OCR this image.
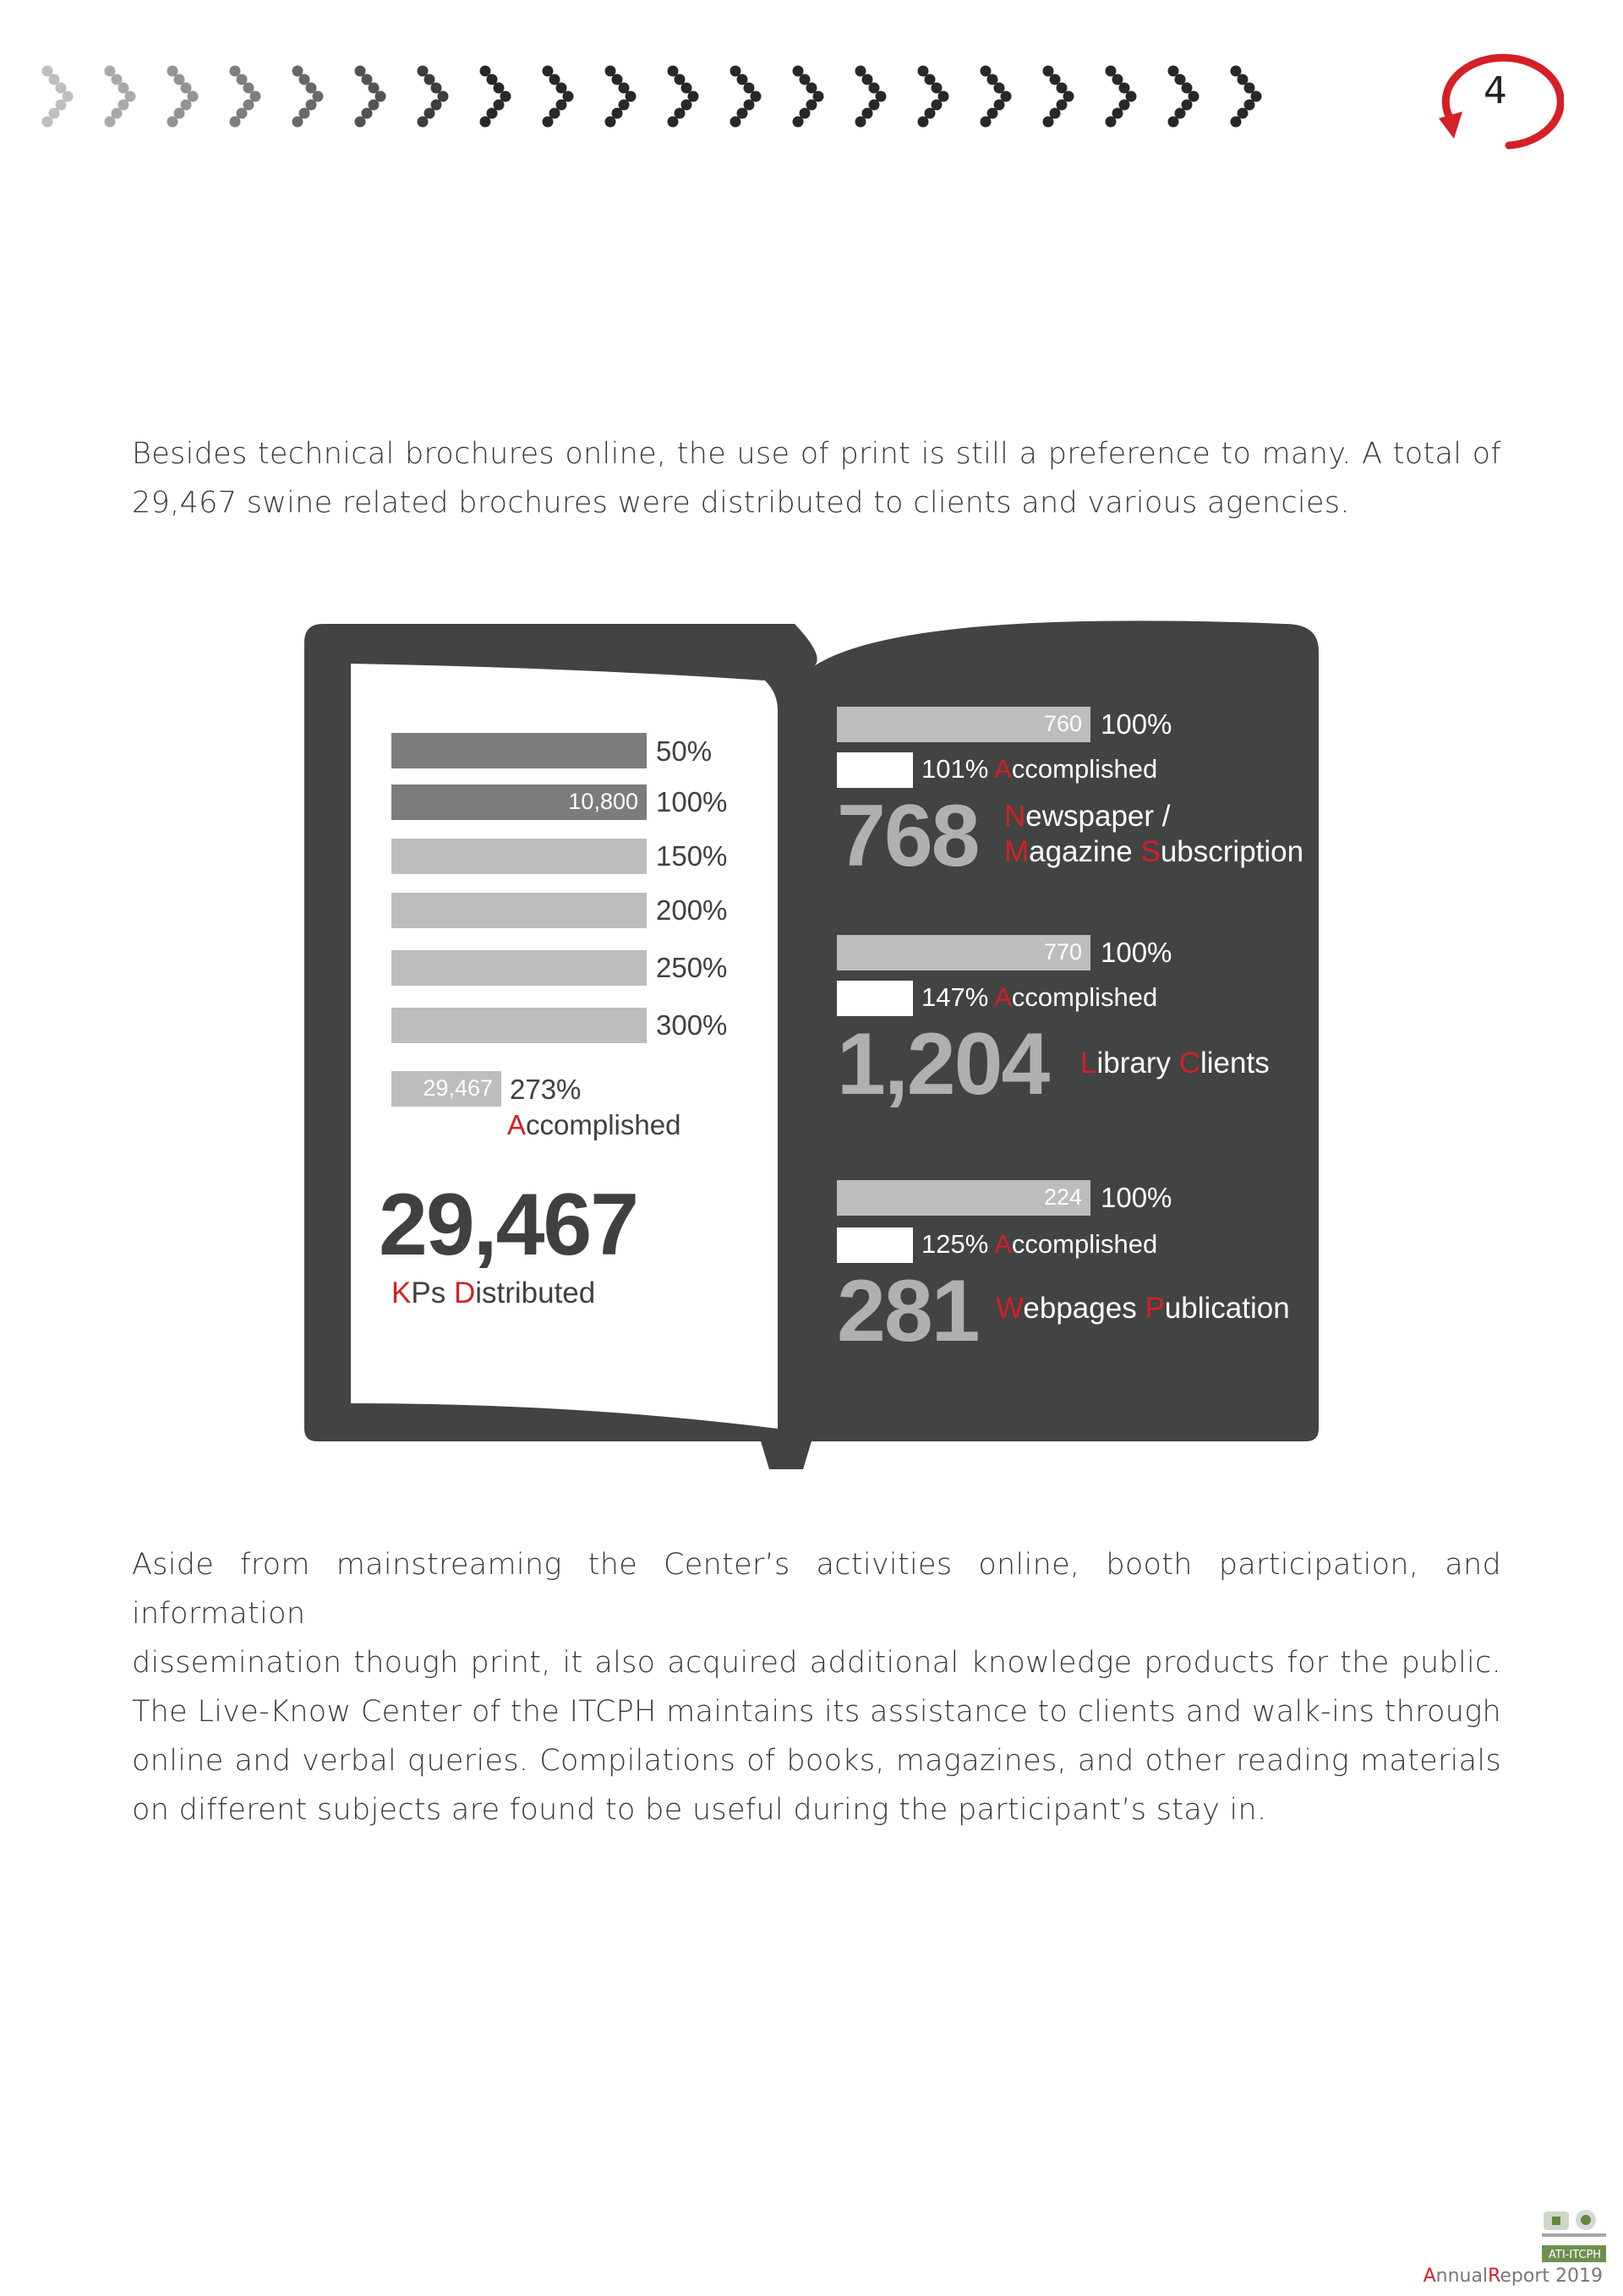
4
Besides technical brochures online, the use of print is still a preference to many. A total of
29,467 swine related brochures were distributed to clients and various agencies.
50%
10,800 100%
150%
200%
250%
300%
29,467 273%
Accomplished
29,467
KPs Distributed
760 100%
101% Accomplished
768 Newspaper /
Magazine Subscription
770 100%
147% Accomplished
1,204 Library Clients
224 100%
125% Accomplished
281 Webpages Publication
Aside from mainstreaming the Center’s activities online, booth participation, and information
dissemination though print, it also acquired additional knowledge products for the public.
The Live-Know Center of the ITCPH maintains its assistance to clients and walk-ins through
online and verbal queries. Compilations of books, magazines, and other reading materials
on different subjects are found to be useful during the participant’s stay in.
ATI-ITCPH
AnnualReport 2019
